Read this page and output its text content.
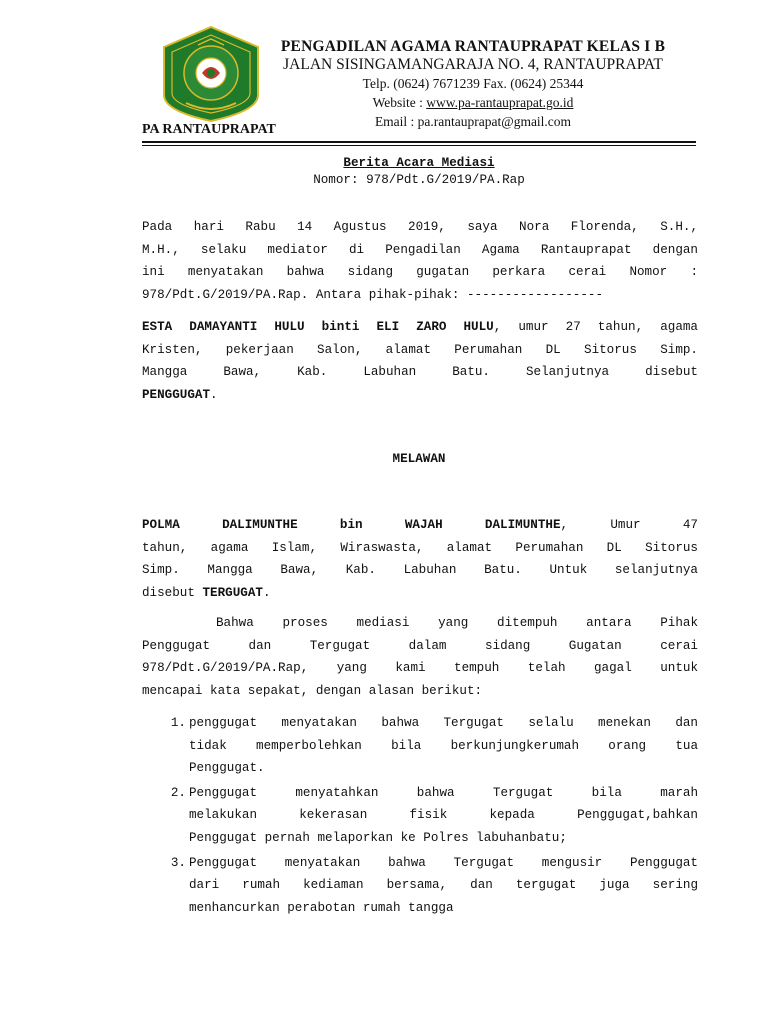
PENGADILAN AGAMA RANTAUPRAPAT KELAS I B
JALAN SISINGAMANGARAJA NO. 4, RANTAUPRAPAT
Telp. (0624) 7671239 Fax. (0624) 25344
Website : www.pa-rantauprapat.go.id
Email : pa.rantauprapat@gmail.com
PA RANTAUPRAPAT
Berita Acara Mediasi
Nomor: 978/Pdt.G/2019/PA.Rap
Pada hari Rabu 14 Agustus 2019, saya Nora Florenda, S.H.,
M.H., selaku mediator di Pengadilan Agama Rantauprapat dengan
ini menyatakan bahwa sidang gugatan perkara cerai Nomor :
978/Pdt.G/2019/PA.Rap. Antara pihak-pihak: ------------------
ESTA DAMAYANTI HULU binti ELI ZARO HULU, umur 27 tahun, agama
Kristen, pekerjaan Salon, alamat Perumahan DL Sitorus Simp.
Mangga Bawa, Kab. Labuhan Batu. Selanjutnya disebut
PENGGUGAT.
MELAWAN
POLMA DALIMUNTHE bin WAJAH DALIMUNTHE, Umur 47
tahun, agama Islam, Wiraswasta, alamat Perumahan DL Sitorus
Simp. Mangga Bawa, Kab. Labuhan Batu. Untuk selanjutnya
disebut TERGUGAT.
Bahwa proses mediasi yang ditempuh antara Pihak
Penggugat dan Tergugat dalam sidang Gugatan cerai
978/Pdt.G/2019/PA.Rap, yang kami tempuh telah gagal untuk
mencapai kata sepakat, dengan alasan berikut:
1. penggugat menyatakan bahwa Tergugat selalu menekan dan
tidak memperbolehkan bila berkunjungkerumah orang tua
Penggugat.
2. Penggugat menyatahkan bahwa Tergugat bila marah
melakukan kekerasan fisik kepada Penggugat,bahkan
Penggugat pernah melaporkan ke Polres labuhanbatu;
3. Penggugat menyatakan bahwa Tergugat mengusir Penggugat
dari rumah kediaman bersama, dan tergugat juga sering
menhancurkan perabotan rumah tangga
